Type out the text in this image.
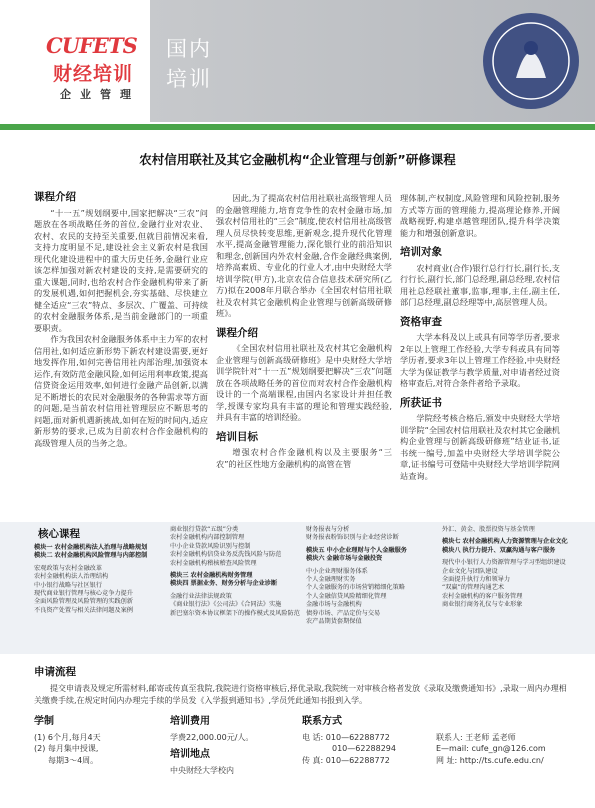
CUFETS
财经培训
企业管理
国内
培训
农村信用联社及其它金融机构“企业管理与创新”研修课程
课程介绍

“十一五”规划纲要中,国家把解决“三农”问题放在各项战略任务的首位,金融行业对农业、农村、农民的支持至关重要,但就目前情况来看,支持力度明显不足,建设社会主义新农村是我国现代化建设进程中的重大历史任务,金融行业应该怎样加强对新农村建设的支持,是需要研究的重大课题,同时,也给农村合作金融机构带来了新的发展机遇,如何把握机会,夯实基础、尽快建立健全适应“三农”特点、多层次、广覆盖、可持续的农村金融服务体系,是当前金融部门的一项重要职责。

作为我国农村金融服务体系中主力军的农村信用社,如何适应新形势下新农村建设需要,更好地发挥作用,如何完善信用社内部治理,加强资本运作,有效防范金融风险,如何运用利率政策,提高信贷资金运用效率,如何进行金融产品创新,以满足不断增长的农民对金融服务的各种需求等方面的问题,是当前农村信用社管理层应不断思考的问题,面对新机遇新挑战,如何在短的时间内,适应新形势的要求,已成为目前农村合作金融机构的高级管理人员的当务之急。

因此,为了提高农村信用社联社高级管理人员的金融管理能力,培育竞争性的农村金融市场,加强农村信用社的“三会”制度,使农村信用社高级管理人员尽快转变思维,更新观念,提升现代化管理水平,提高金融管理能力,深化银行业的前沿知识和理念,创新国内外农村金融,合作金融经典案例,培养高素质、专业化的行业人才,由中央财经大学培训学院(甲方),北京农信合信息技术研究所(乙方)拟在2008年月联合举办《全国农村信用社联社及农村其它金融机构企业管理与创新高级研修班》。

课程介绍

《全国农村信用社联社及农村其它金融机构企业管理与创新高级研修班》是中央财经大学培训学院针对“十一五”规划纲要把解决“三农”问题放在各项战略任务的首位而对农村合作金融机构设计的一个高端课程,由国内名家设计并担任教学,授课专家均具有丰富的理论和管理实践经验,并具有丰富的培训经验。

培训目标

增强农村合作金融机构以及主要服务“三农”的社区性地方金融机构的高管在管

理体制,产权制度,风险管理和风险控制,服务方式等方面的管理能力,提高理论修养,开阔战略视野,构建卓越管理团队,提升科学决策能力和增强创新意识。

培训对象

农村商业(合作)银行总行行长,副行长,支行行长,副行长,部门总经理,副总经理,农村信用社总经联社董事,监事,理事,主任,副主任,部门总经理,副总经理等中,高层管理人员。

资格审查

大学本科及以上或具有同等学历者,要求2年以上管理工作经验,大学专科或具有同等学历者,要求3年以上管理工作经验,中央财经大学为保证教学与教学质量,对申请者经过资格审查后,对符合条件者给予录取。

所获证书

学院经考核合格后,颁发中央财经大学培训学院“全国农村信用联社及农村其它金融机构企业管理与创新高级研修班”结业证书,证书统一编号,加盖中央财经大学培训学院公章,证书编号可登陆中央财经大学培训学院网站查询。

核心课程
模块一 农村金融机构法人治理与战略规划
模块二 农村金融机构风险管理与内部控制
宏观政策与农村金融改革
农村金融机构法人治理结构
中小银行战略与社区银行
现代商业银行管理与核心竞争力提升
全面风险管理及风险管理的实践创新
不良资产处置与相关法律问题及案例
商业银行贷款“五级”分类
农村金融机构内部控制管理
中小企业贷款风险识别与控制
农村金融机构信贷业务反洗钱风险与防范
农村金融机构稽核稽查风险管理
模块三 农村金融机构财务管理
模块四 票据业务、财务分析与企业诊断
金融行业法律法规政策
《商业银行法》《公司法》《合同法》实施
新巴塞尔资本协议框架下的操作模式及风险防范
财务报表与分析
财务报表粉饰识别与企业经营诊断
模块五 中小企业理财与个人金融服务
模块六 金融市场与金融投资
中小企业理财服务体系
个人金融理财实务
个人金融服务的市场营销精细化策略
个人金融信贷风险精细化管理
金融市场与金融机构
债券市场、产品定价与交易
农产品期货套期保值
外汇、黄金、股票投资与基金管理
模块七 农村金融机构人力资源管理与企业文化
模块八 执行力提升、双赢沟通与客户服务
现代中小银行人力资源管理与学习型组织建设
企业文化与团队建设
全面提升执行力和领导力
“双赢”的管理沟通艺术
农村金融机构的客户服务管理
商业银行商务礼仪与专业形象
申请流程

提交申请表及规定所需材料,邮寄或传真至我院,我院进行资格审核后,择优录取,我院统一对审核合格者发放《录取及缴费通知书》,录取一周内办理相关缴费手续,在规定时间内办理完手续的学员发《入学报到通知书》,学员凭此通知书报到入学。

学制
(1) 6个月,每月4天
(2) 每月集中授课,
每期3～4周。
培训费用
学费22,000.00元/人。
培训地点
中央财经大学校内
联系方式
电 话: 010—62288772
010—62288294
传 真: 010—62288772
联系人: 王老师 孟老师
E—mail: cufe_gn@126.com
网 址: http://ts.cufe.edu.cn/
